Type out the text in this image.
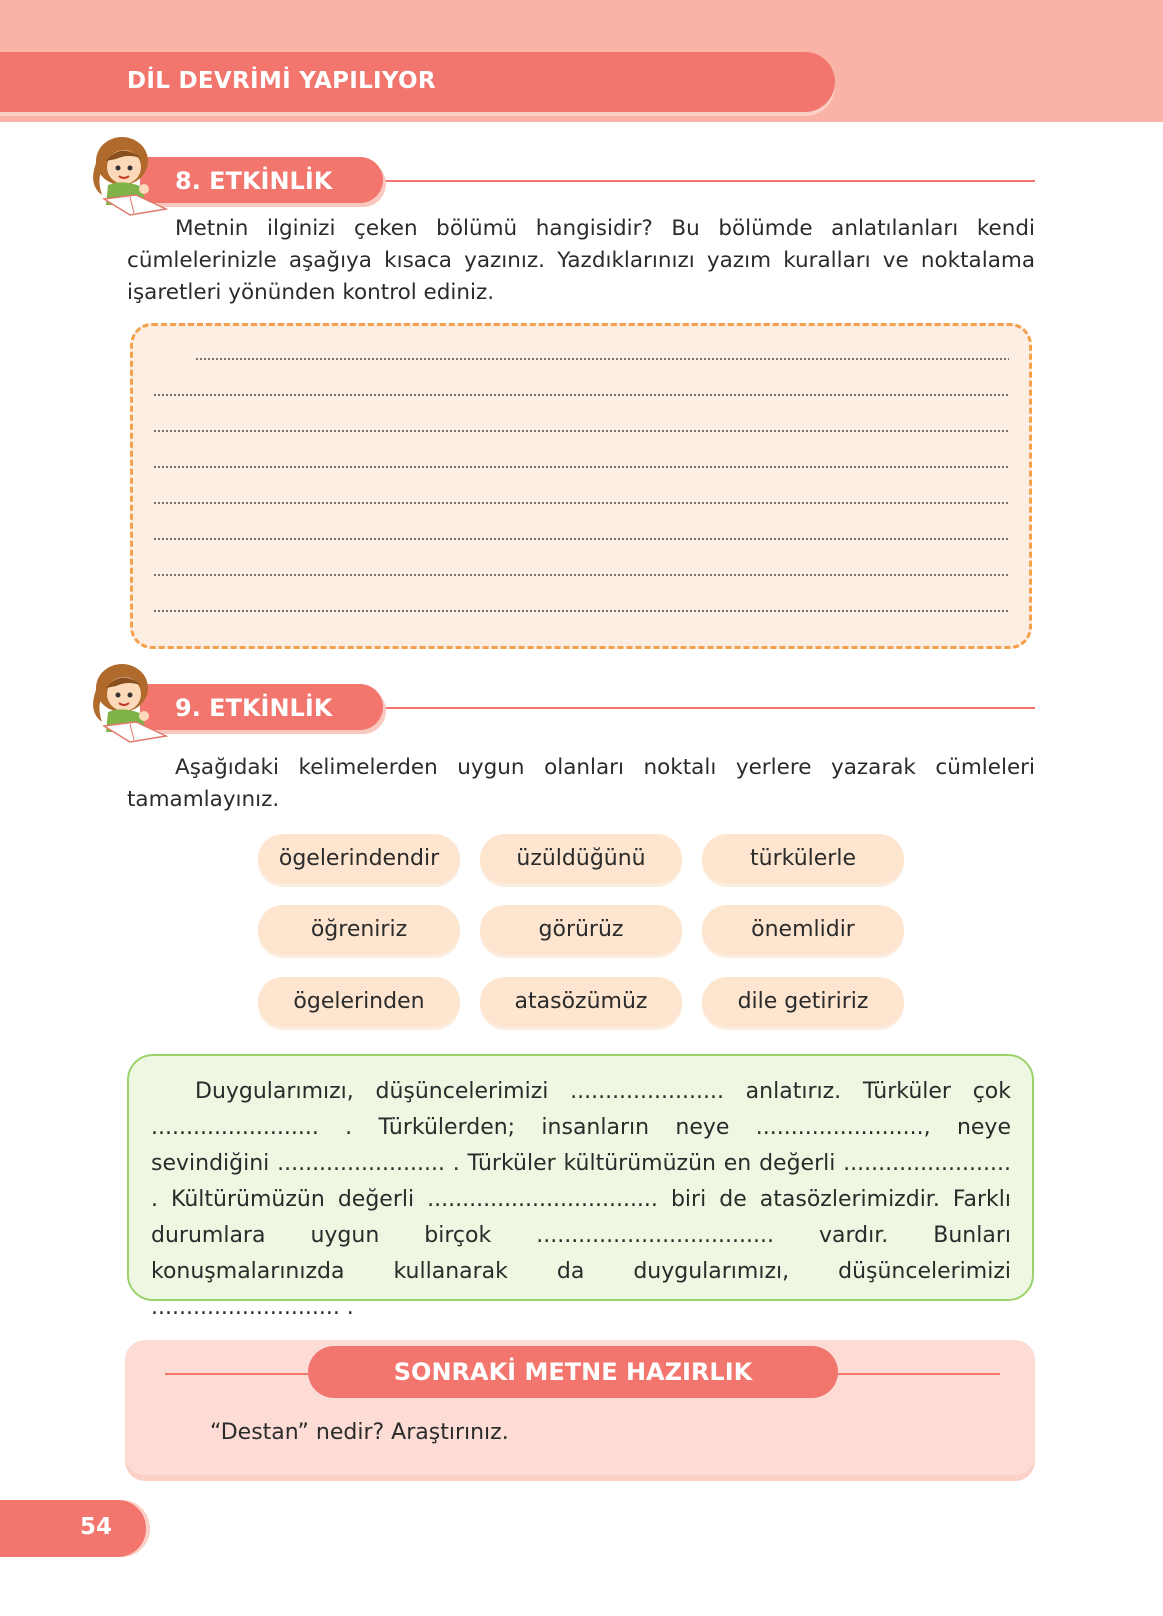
DİL DEVRİMİ YAPILIYOR
8. ETKİNLİK
Metnin ilginizi çeken bölümü hangisidir? Bu bölümde anlatılanları kendi cümlelerinizle aşağıya kısaca yazınız. Yazdıklarınızı yazım kuralları ve noktalama işaretleri yönünden kontrol ediniz.
9. ETKİNLİK
Aşağıdaki kelimelerden uygun olanları noktalı yerlere yazarak cümleleri tamamlayınız.
ögelerindendir	üzüldüğünü	türkülerle
öğreniriz	görürüz	önemlidir
ögelerinden	atasözümüz	dile getiririz
Duygularımızı, düşüncelerimizi ...................... anlatırız. Türküler çok ........................ . Türkülerden; insanların neye ........................, neye sevindiğini ........................ . Türküler kültürümüzün en değerli ........................ . Kültürümüzün değerli ................................. biri de atasözlerimizdir. Farklı durumlara uygun birçok .................................. vardır. Bunları konuşmalarınızda kullanarak da duygularımızı, düşüncelerimizi ........................... .
SONRAKİ METNE HAZIRLIK
“Destan” nedir? Araştırınız.
54
